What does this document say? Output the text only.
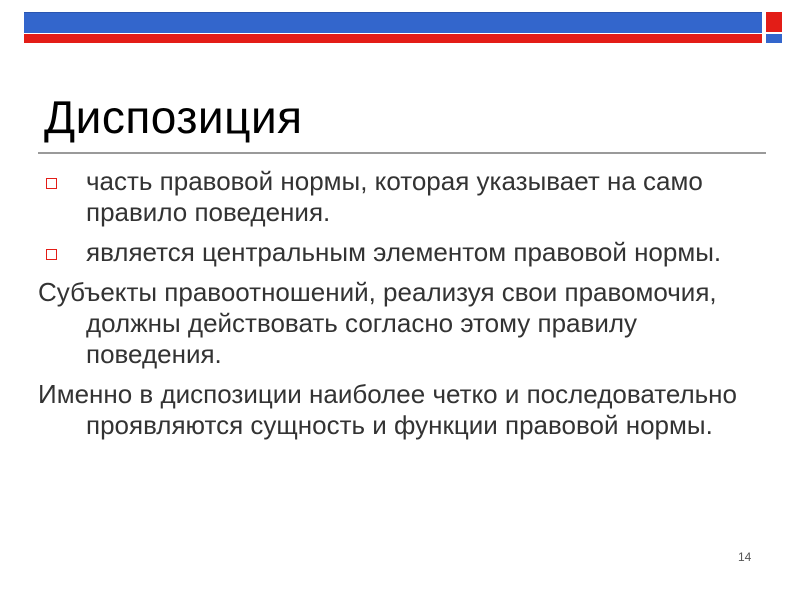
Диспозиция
часть правовой нормы, которая указывает на само правило поведения.
является центральным элементом правовой нормы.
Субъекты правоотношений, реализуя свои правомочия, должны действовать согласно этому правилу поведения.
Именно в диспозиции наиболее четко и последовательно проявляются сущность и функции правовой нормы.
14
